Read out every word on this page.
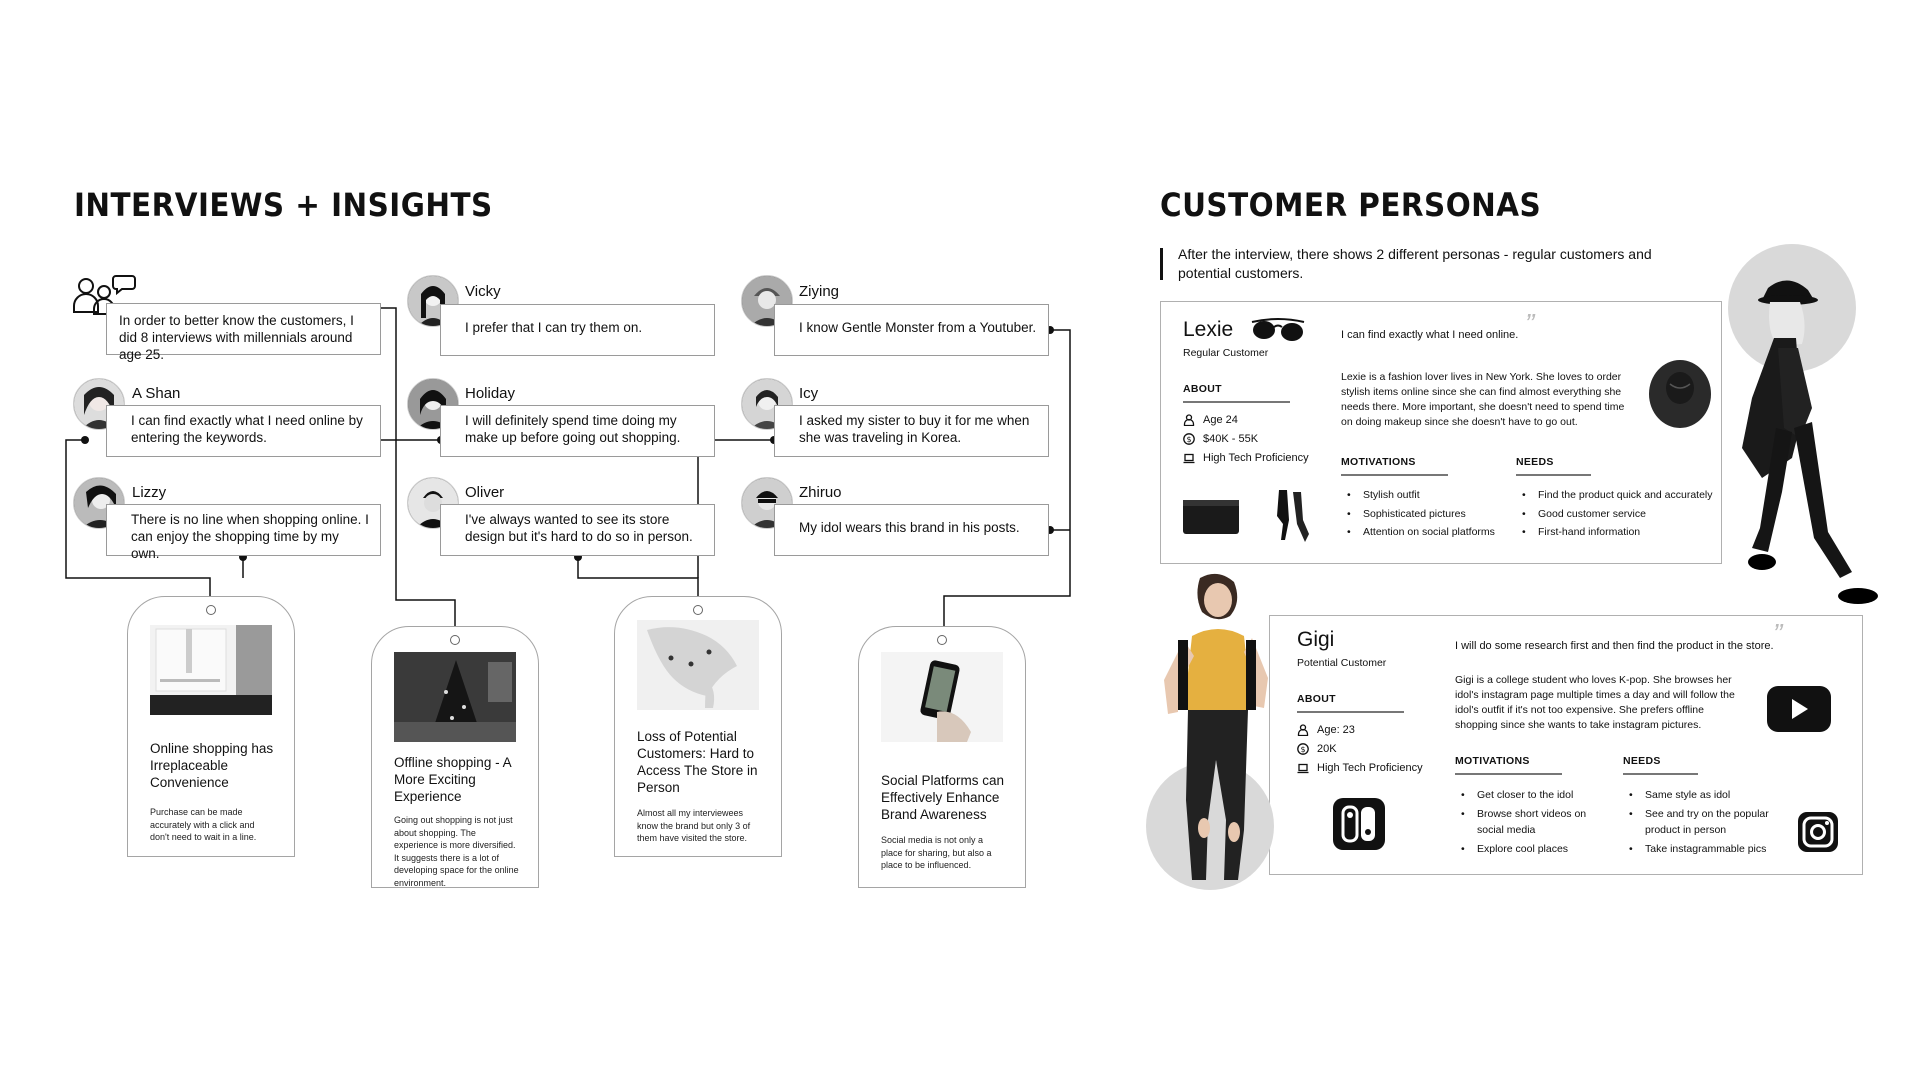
INTERVIEWS + INSIGHTS
In order to better know the customers, I did 8 interviews with millennials around age 25.
A Shan
I can find exactly what I need online by entering the keywords.
Lizzy
There is no line when shopping online. I can enjoy the shopping time by my own.
Vicky
I prefer that I can try them on.
Holiday
I will definitely spend time doing my make up before going out shopping.
Oliver
I've always wanted to see its store design but it's hard to do so in person.
Ziying
I know Gentle Monster from a Youtuber.
Icy
I asked my sister to buy it for me when she was traveling in Korea.
Zhiruo
My idol wears this brand in his posts.
Online shopping has Irreplaceable Convenience
Purchase can be made accurately with a click and don't need to wait in a line.
Offline shopping - A More Exciting Experience
Going out shopping is not just about shopping. The experience is more diversified. It suggests there is a lot of developing space for the online environment.
Loss of Potential Customers: Hard to Access The Store in Person
Almost all my interviewees know the brand but only 3 of them have visited the store.
Social Platforms can Effectively Enhance Brand Awareness
Social media is not only a place for sharing, but also a place to be influenced.
CUSTOMER PERSONAS
After the interview, there shows 2 different personas - regular customers and potential customers.
Lexie
Regular Customer
ABOUT
Age 24
$ $40K - 55K
High Tech Proficiency
”
I can find exactly what I need online.
Lexie is a fashion lover lives in New York. She loves to order stylish items online since she can find almost everything she needs there. More important, she doesn't need to spend time on doing makeup since she doesn't have to go out.
MOTIVATIONS
• Stylish outfit
• Sophisticated pictures
• Attention on social platforms
NEEDS
• Find the product quick and accurately
• Good customer service
• First-hand information
Gigi
Potential Customer
ABOUT
Age: 23
$ 20K
High Tech Proficiency
”
I will do some research first and then find the product in the store.
Gigi is a college student who loves K-pop. She browses her idol's instagram page multiple times a day and will follow the idol's outfit if it's not too expensive. She prefers offline shopping since she wants to take instagram pictures.
MOTIVATIONS
• Get closer to the idol
• Browse short videos on social media
• Explore cool places
NEEDS
• Same style as idol
• See and try on the popular product in person
• Take instagrammable pics
